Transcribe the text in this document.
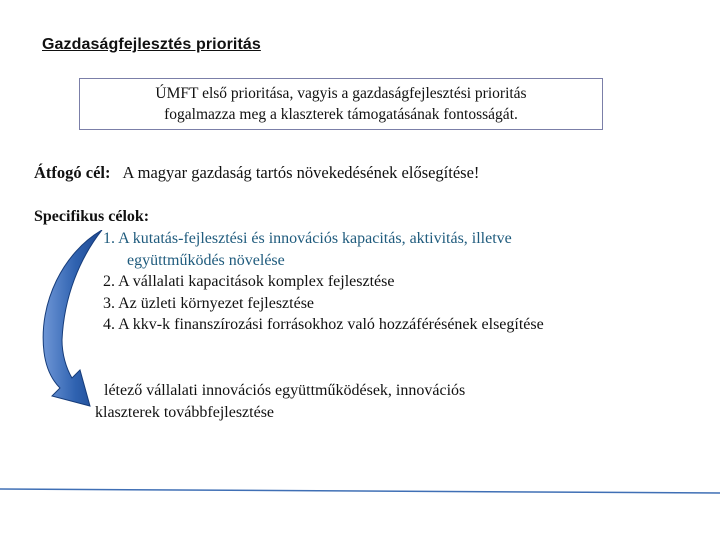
Gazdaságfejlesztés prioritás
ÚMFT első prioritása, vagyis a gazdaságfejlesztési prioritás
fogalmazza meg a klaszterek támogatásának fontosságát.
Átfogó cél: A magyar gazdaság tartós növekedésének elősegítése!
Specifikus célok:
1. A kutatás-fejlesztési és innovációs kapacitás, aktivitás, illetve
együttműködés növelése
2. A vállalati kapacitások komplex fejlesztése
3. Az üzleti környezet fejlesztése
4. A kkv-k finanszírozási forrásokhoz való hozzáférésének elsegítése
létező vállalati innovációs együttműködések, innovációs
klaszterek továbbfejlesztése
